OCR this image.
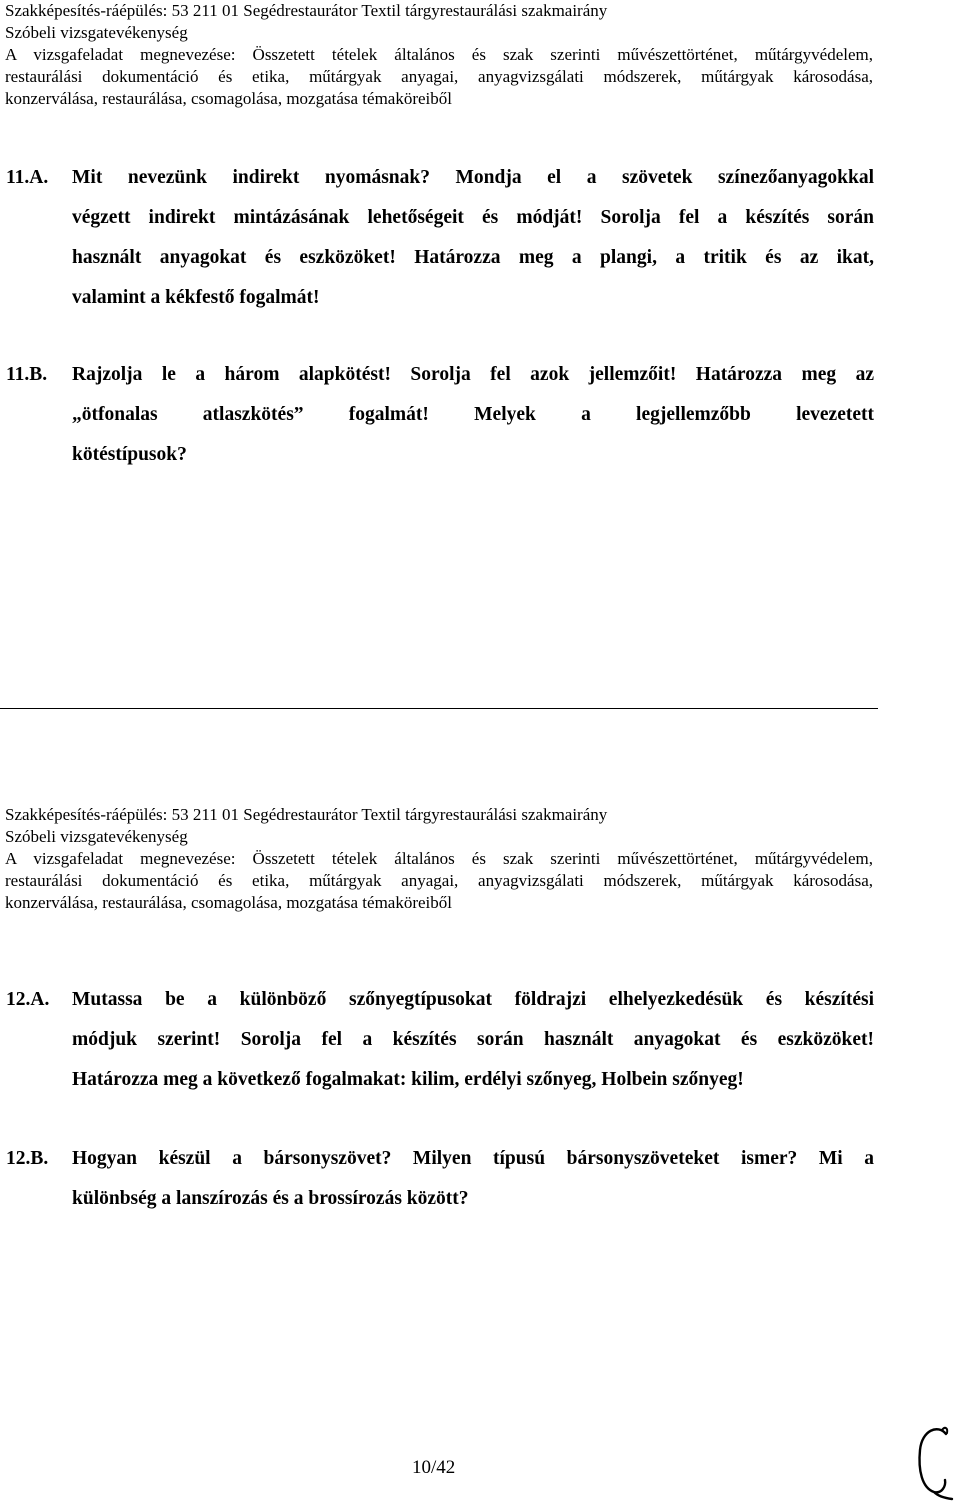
Szakképesítés-ráépülés: 53 211 01 Segédrestaurátor Textil tárgyrestaurálási szakmairány
Szóbeli vizsgatevékenység
A vizsgafeladat megnevezése: Összetett tételek általános és szak szerinti művészettörténet, műtárgyvédelem,
restaurálási dokumentáció és etika, műtárgyak anyagai, anyagvizsgálati módszerek, műtárgyak károsodása,
konzerválása, restaurálása, csomagolása, mozgatása témaköreiből
11.A. Mit nevezünk indirekt nyomásnak? Mondja el a szövetek színezőanyagokkal
végzett indirekt mintázásának lehetőségeit és módját! Sorolja fel a készítés során
használt anyagokat és eszközöket! Határozza meg a plangi, a tritik és az ikat,
valamint a kékfestő fogalmát!
11.B. Rajzolja le a három alapkötést! Sorolja fel azok jellemzőit! Határozza meg az
„ötfonalas atlaszkötés” fogalmát! Melyek a legjellemzőbb levezetett
kötéstípusok?
Szakképesítés-ráépülés: 53 211 01 Segédrestaurátor Textil tárgyrestaurálási szakmairány
Szóbeli vizsgatevékenység
A vizsgafeladat megnevezése: Összetett tételek általános és szak szerinti művészettörténet, műtárgyvédelem,
restaurálási dokumentáció és etika, műtárgyak anyagai, anyagvizsgálati módszerek, műtárgyak károsodása,
konzerválása, restaurálása, csomagolása, mozgatása témaköreiből
12.A. Mutassa be a különböző szőnyegtípusokat földrajzi elhelyezkedésük és készítési
módjuk szerint! Sorolja fel a készítés során használt anyagokat és eszközöket!
Határozza meg a következő fogalmakat: kilim, erdélyi szőnyeg, Holbein szőnyeg!
12.B. Hogyan készül a bársonyszövet? Milyen típusú bársonyszöveteket ismer? Mi a
különbség a lanszírozás és a brossírozás között?
10/42
